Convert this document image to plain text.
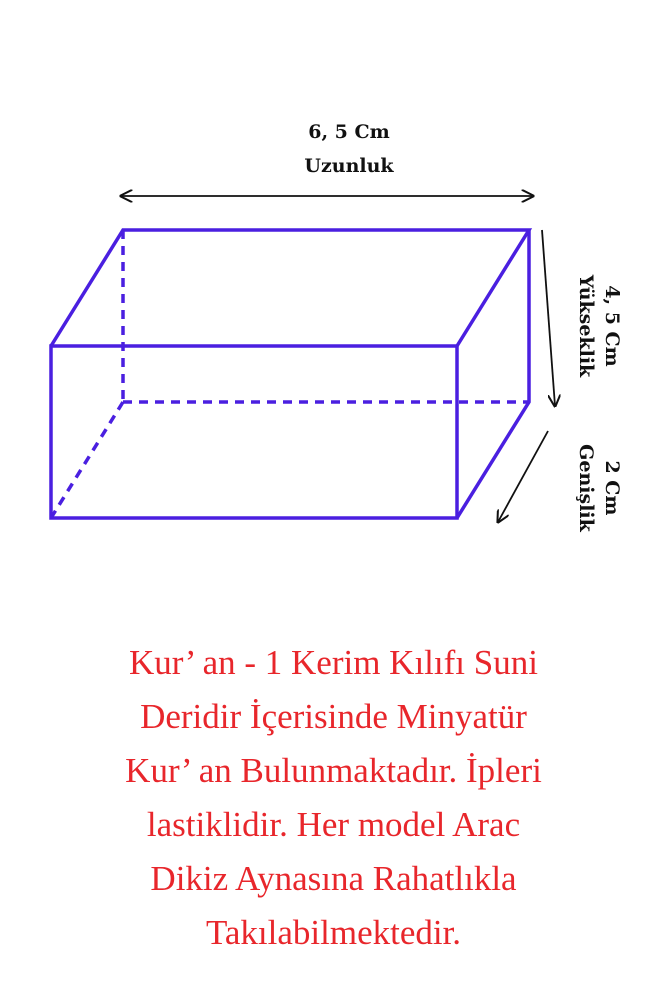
6, 5 Cm
Uzunluk
4, 5 Cm
Yükseklik
2 Cm
Genişlik

Kur’ an - 1 Kerim Kılıfı Suni
Deridir İçerisinde Minyatür
Kur’ an Bulunmaktadır. İpleri
lastiklidir. Her model Arac
Dikiz Aynasına Rahatlıkla
Takılabilmektedir.
